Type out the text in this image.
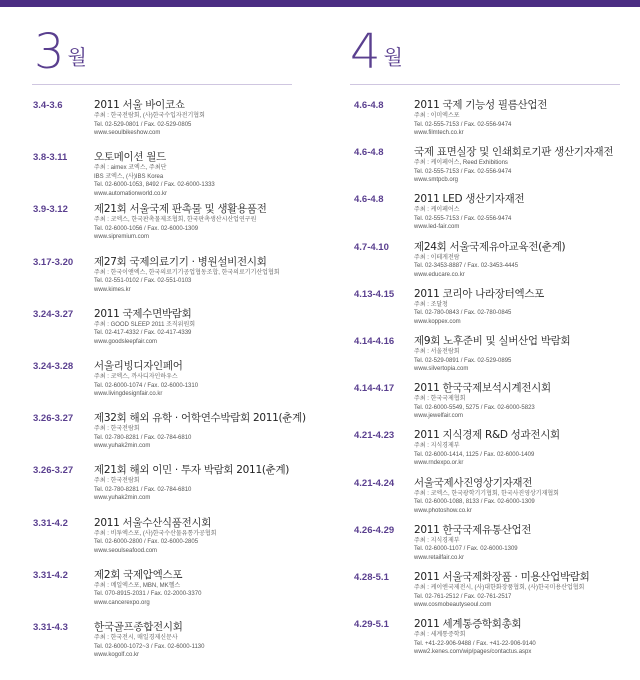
3 월
3.4-3.6	2011 서울 바이코쇼
주최 : 한국전람회, (사)한국수입자전기협회
Tel. 02-529-0801 / Fax. 02-529-0805
www.seoulbikeshow.com
3.8-3.11	오토메이션 월드
주최 : aimex 코엑스, 주최단
IBS 코엑스, (사)IBS Korea
Tel. 02-6000-1053, 8492 / Fax. 02-6000-1333
www.automationworld.co.kr
3.9-3.12 제21회 서울국제 판촉물 및 생활용품전
주최 : 코엑스, 한국판촉물제조협회, 한국판촉생산시산업연구원
Tel. 02-6000-1056 / Fax. 02-6000-1309
www.sipremium.com
3.17-3.20 제27회 국제의료기기 · 병원설비전시회
주최 : 한국이앤엑스, 한국의료기기공업협동조합, 한국의료기기산업협회
Tel. 02-551-0102 / Fax. 02-551-0103
www.kimes.kr
3.24-3.27 2011 국제수면박람회
주최 : GOOD SLEEP 2011 조직위원회
Tel. 02-417-4332 / Fax. 02-417-4339
www.goodsleepfair.com
3.24-3.28 서울리빙디자인페어
주최 : 코엑스, 까사디자인하우스
Tel. 02-6000-1074 / Fax. 02-6000-1310
www.livingdesignfair.co.kr
3.26-3.27 제32회 해외 유학 · 어학연수박람회 2011(춘계)
주최 : 한국전람회
Tel. 02-780-8281 / Fax. 02-784-6810
www.yuhak2min.com
3.26-3.27 제21회 해외 이민 · 투자 박람회 2011(춘계)
주최 : 한국전람회
Tel. 02-780-8281 / Fax. 02-784-6810
www.yuhak2min.com
3.31-4.2 2011 서울수산식품전시회
주최 : 비투엑스포, (사)한국수산물유통가공협회
Tel. 02-6000-2800 / Fax. 02-6000-2805
www.seoulseafood.com
3.31-4.2 제2회 국제압엑스포
주최 : 메일엑스포, MBN, MK헬스
Tel. 070-8915-2031 / Fax. 02-2000-3370
www.cancerexpo.org
3.31-4.3 한국골프종합전시회
주최 : 한국전시, 매일경제신문사
Tel. 02-6000-1072~3 / Fax. 02-6000-1130
www.kogolf.co.kr
4 월
4.6-4.8	2011 국제 기능성 필름산업전
주최 : 이미엑스포
Tel. 02-555-7153 / Fax. 02-556-9474
www.filmtech.co.kr
4.6-4.8	국제 표면실장 및 인쇄회로기판 생산기자재전
주최 : 케이페어스, Reed Exhibitions
Tel. 02-555-7153 / Fax. 02-556-9474
www.smtpcb.org
4.6-4.8	2011 LED 생산기자재전
주최 : 케이페어스
Tel. 02-555-7153 / Fax. 02-556-9474
www.led-fair.com
4.7-4.10 제24회 서울국제유아교육전(춘계)
주최 : 이테게전람
Tel. 02-3453-8887 / Fax. 02-3453-4445
www.educare.co.kr
4.13-4.15 2011 코리아 나라장터엑스포
주최 : 조달청
Tel. 02-780-0843 / Fax. 02-780-0845
www.koppex.com
4.14-4.16 제9회 노후준비 및 실버산업 박람회
주최 : 서울전람회
Tel. 02-529-0891 / Fax. 02-529-0895
www.silvertopia.com
4.14-4.17 2011 한국국제보석시계전시회
주최 : 한국국제협회
Tel. 02-6000-5549, 5275 / Fax. 02-6000-5823
www.jewelfair.com
4.21-4.23 2011 지식경제 R&D 성과전시회
주최 : 지식경제부
Tel. 02-6000-1414, 1125 / Fax. 02-6000-1409
www.rndexpo.or.kr
4.21-4.24 서울국제사진영상기자재전
주최 : 코엑스, 한국광학기기협회, 한국사진영상기재협회
Tel. 02-6000-1088, 8133 / Fax. 02-6000-1309
www.photoshow.co.kr
4.26-4.29 2011 한국국제유통산업전
주최 : 지식경제부
Tel. 02-6000-1107 / Fax. 02-6000-1309
www.retailfair.co.kr
4.28-5.1 2011 서울국제화장품 · 미용산업박람회
주최 : 케이엔국제전시, (사)대한화장품협회, (사)한국미용산업협회
Tel. 02-761-2512 / Fax. 02-761-2517
www.cosmobeautyseoul.com
4.29-5.1 2011 세계통증학회총회
주최 : 세계통증학회
Tel. +41-22-906-9488 / Fax. +41-22-906-9140
www2.kenes.com/wip/pages/contactus.aspx
